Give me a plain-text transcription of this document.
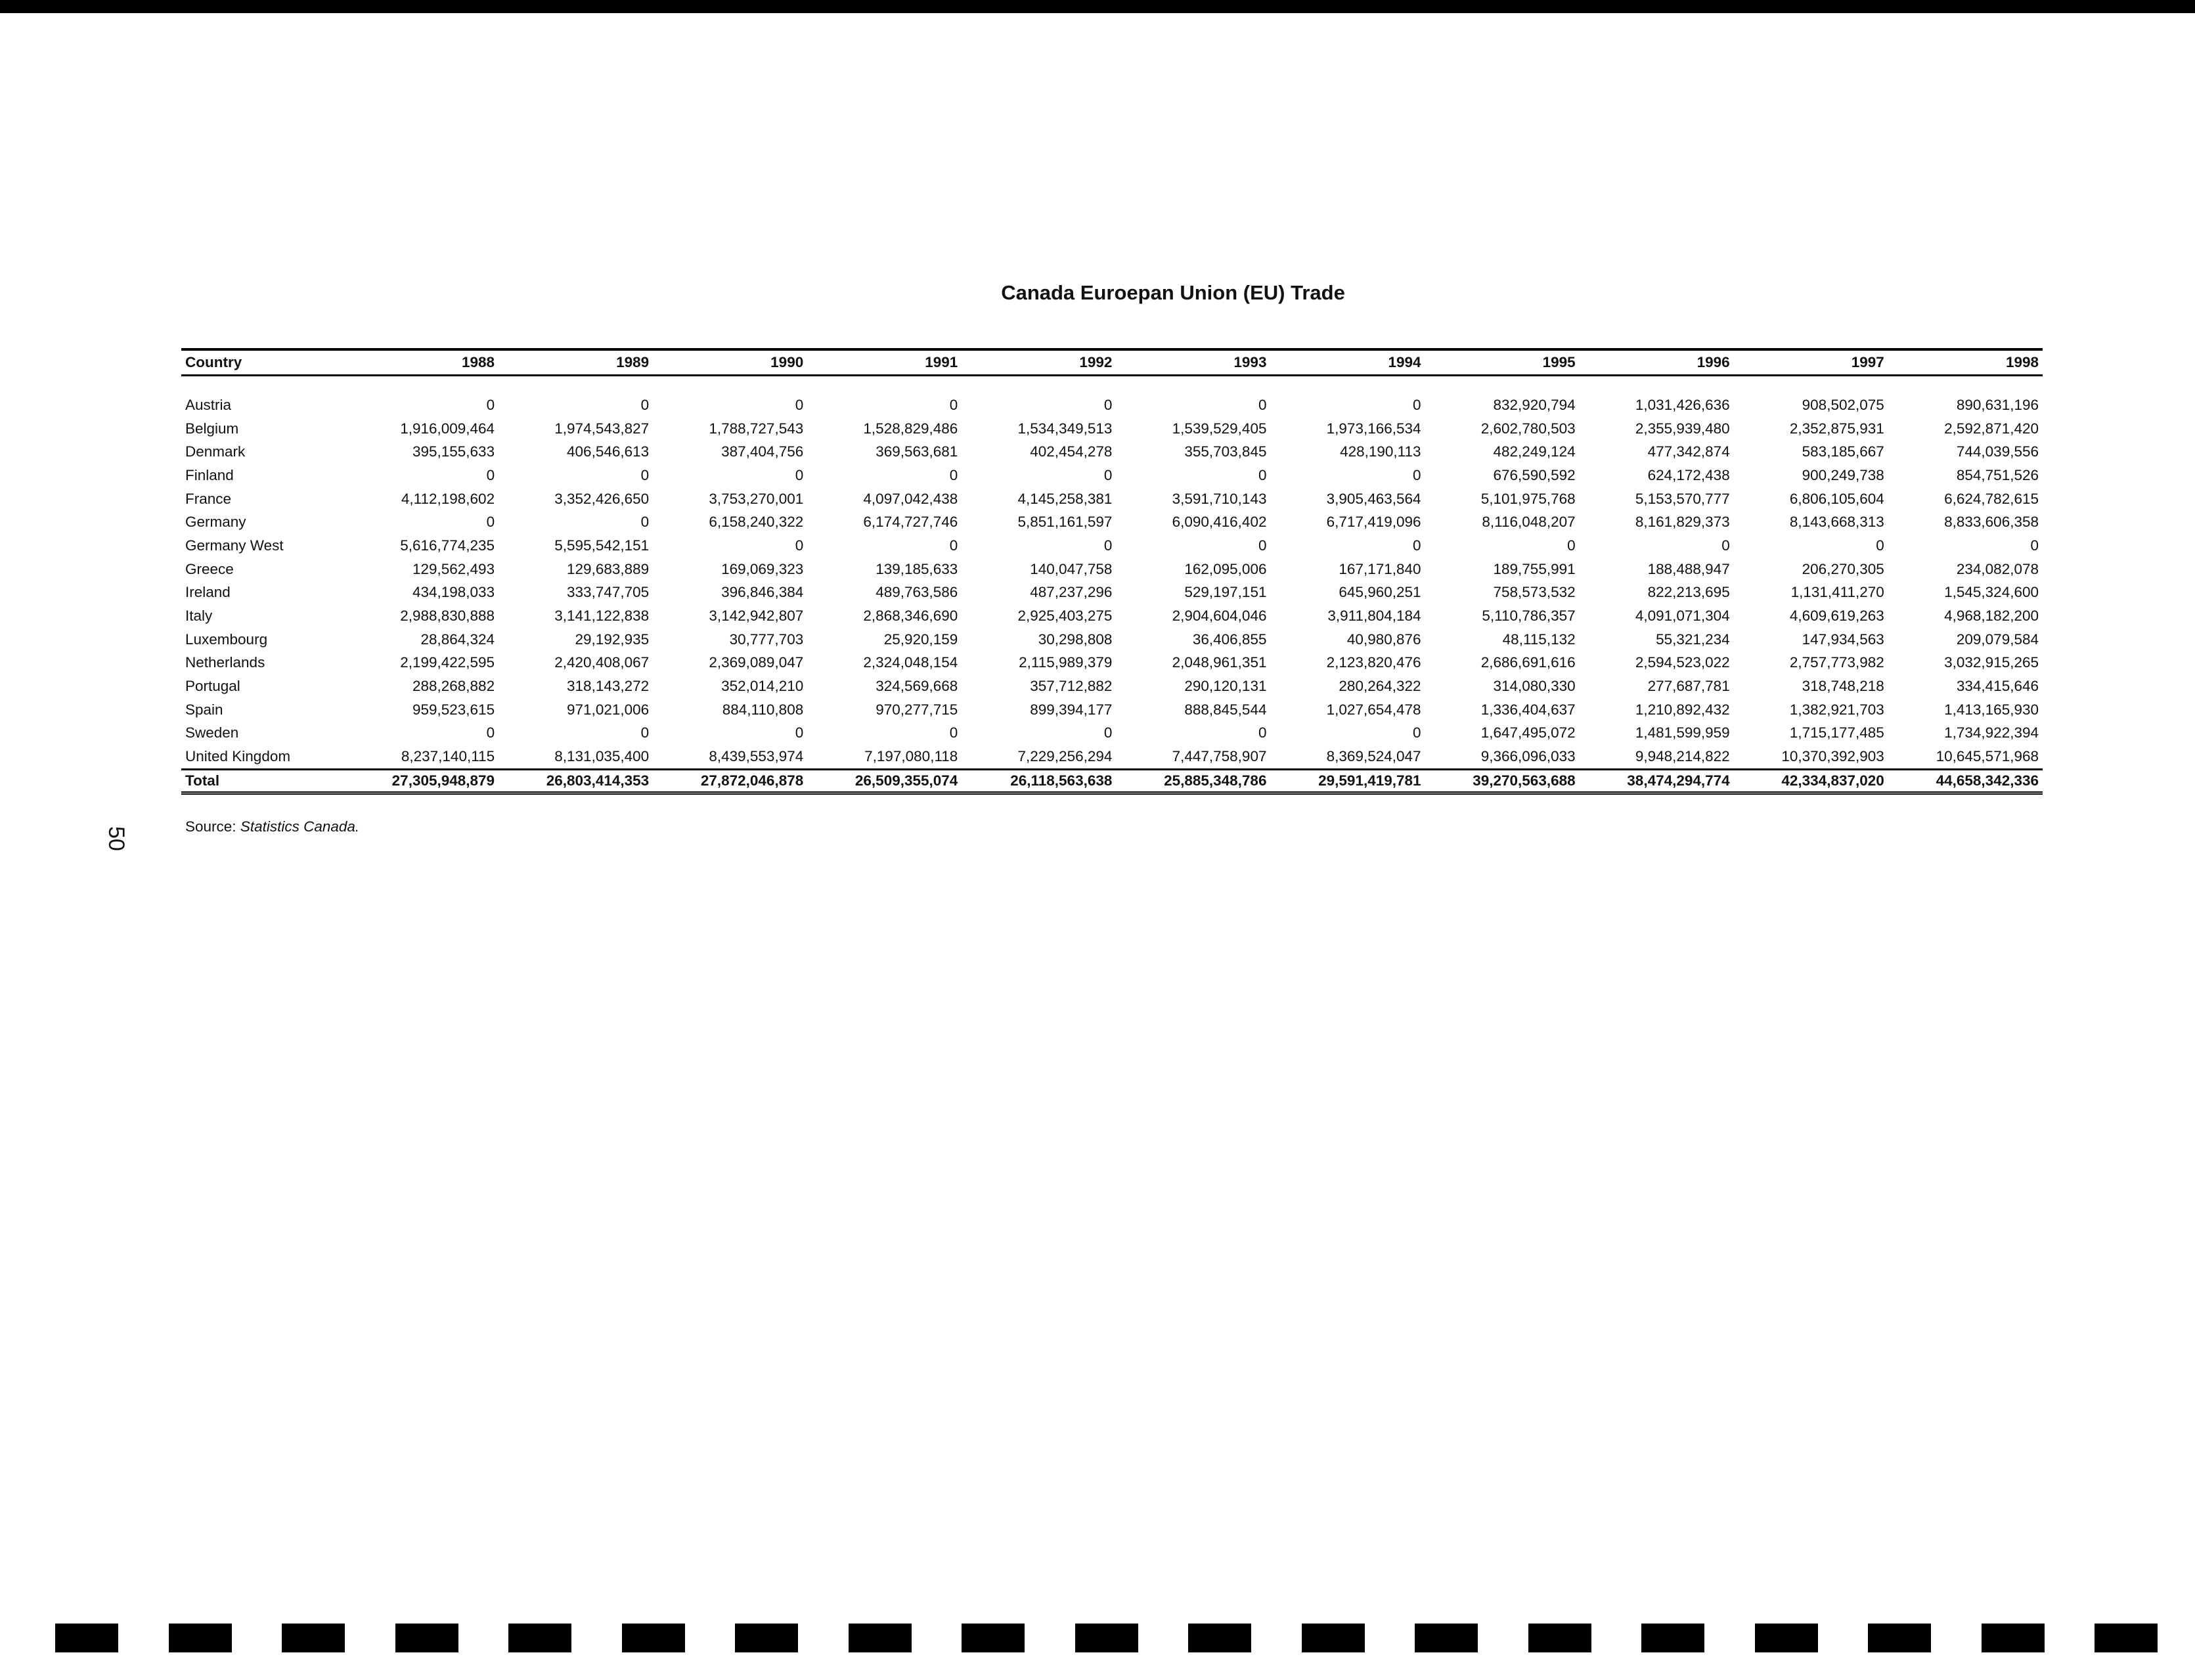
Canada Euroepan Union (EU) Trade
Country	1988	1989	1990	1991	1992	1993	1994	1995	1996	1997	1998

Austria	0	0	0	0	0	0	0	832,920,794	1,031,426,636	908,502,075	890,631,196
Belgium	1,916,009,464	1,974,543,827	1,788,727,543	1,528,829,486	1,534,349,513	1,539,529,405	1,973,166,534	2,602,780,503	2,355,939,480	2,352,875,931	2,592,871,420
Denmark	395,155,633	406,546,613	387,404,756	369,563,681	402,454,278	355,703,845	428,190,113	482,249,124	477,342,874	583,185,667	744,039,556
Finland	0	0	0	0	0	0	0	676,590,592	624,172,438	900,249,738	854,751,526
France	4,112,198,602	3,352,426,650	3,753,270,001	4,097,042,438	4,145,258,381	3,591,710,143	3,905,463,564	5,101,975,768	5,153,570,777	6,806,105,604	6,624,782,615
Germany	0	0	6,158,240,322	6,174,727,746	5,851,161,597	6,090,416,402	6,717,419,096	8,116,048,207	8,161,829,373	8,143,668,313	8,833,606,358
Germany West	5,616,774,235	5,595,542,151	0	0	0	0	0	0	0	0	0
Greece	129,562,493	129,683,889	169,069,323	139,185,633	140,047,758	162,095,006	167,171,840	189,755,991	188,488,947	206,270,305	234,082,078
Ireland	434,198,033	333,747,705	396,846,384	489,763,586	487,237,296	529,197,151	645,960,251	758,573,532	822,213,695	1,131,411,270	1,545,324,600
Italy	2,988,830,888	3,141,122,838	3,142,942,807	2,868,346,690	2,925,403,275	2,904,604,046	3,911,804,184	5,110,786,357	4,091,071,304	4,609,619,263	4,968,182,200
Luxembourg	28,864,324	29,192,935	30,777,703	25,920,159	30,298,808	36,406,855	40,980,876	48,115,132	55,321,234	147,934,563	209,079,584
Netherlands	2,199,422,595	2,420,408,067	2,369,089,047	2,324,048,154	2,115,989,379	2,048,961,351	2,123,820,476	2,686,691,616	2,594,523,022	2,757,773,982	3,032,915,265
Portugal	288,268,882	318,143,272	352,014,210	324,569,668	357,712,882	290,120,131	280,264,322	314,080,330	277,687,781	318,748,218	334,415,646
Spain	959,523,615	971,021,006	884,110,808	970,277,715	899,394,177	888,845,544	1,027,654,478	1,336,404,637	1,210,892,432	1,382,921,703	1,413,165,930
Sweden	0	0	0	0	0	0	0	1,647,495,072	1,481,599,959	1,715,177,485	1,734,922,394
United Kingdom	8,237,140,115	8,131,035,400	8,439,553,974	7,197,080,118	7,229,256,294	7,447,758,907	8,369,524,047	9,366,096,033	9,948,214,822	10,370,392,903	10,645,571,968
Total	27,305,948,879	26,803,414,353	27,872,046,878	26,509,355,074	26,118,563,638	25,885,348,786	29,591,419,781	39,270,563,688	38,474,294,774	42,334,837,020	44,658,342,336
Source: Statistics Canada.
50
